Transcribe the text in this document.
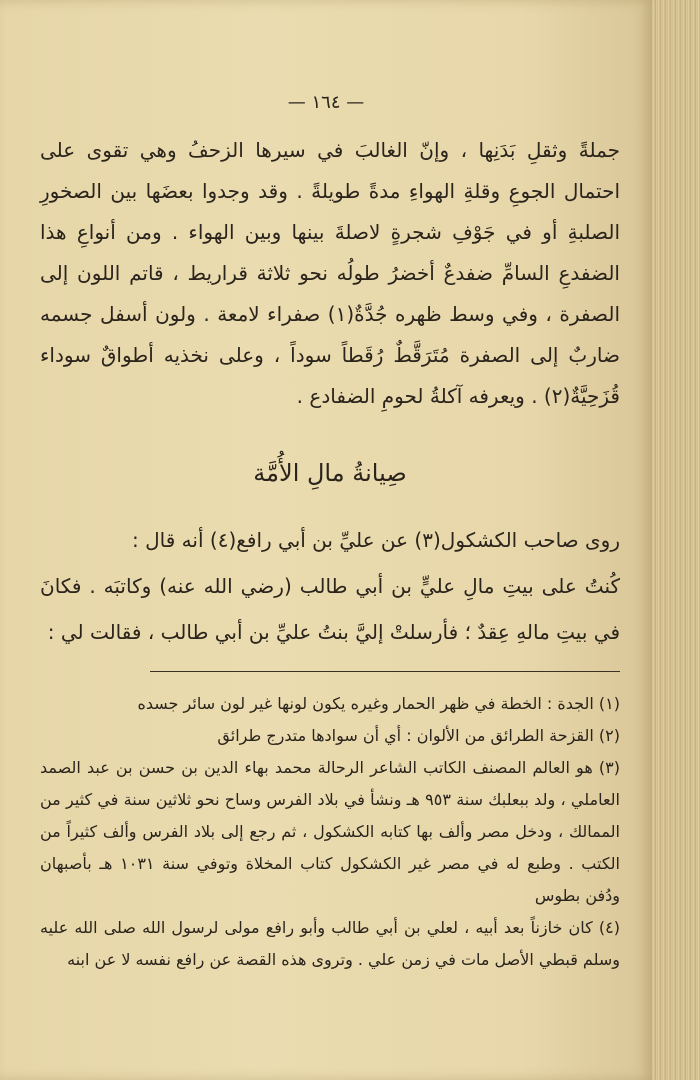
— ١٦٤ —

جملةً وثقلِ بَدَنِها ، وإنّ الغالبَ في سيرها الزحفُ وهي تقوى على احتمال الجوعِ وقلةِ الهواءِ مدةً طويلةً . وقد وجدوا بعضَها بين الصخورِ الصلبةِ أو في جَوْفِ شجرةٍ لاصلةَ بينها وبين الهواء . ومن أنواعِ هذا الضفدعِ السامِّ ضفدعٌ أخضرُ طولُه نحو ثلاثة قراريط ، قاتم اللون إلى الصفرة ، وفي وسط ظهره جُدَّةٌ(١) صفراء لامعة . ولون أسفل جسمه ضاربٌ إلى الصفرة مُتَرَقَّطٌ رُقَطاً سوداً ، وعلى نخذيه أطواقٌ سوداء قُزَحِيَّةٌ(٢) . ويعرفه آكلةُ لحومِ الضفادع .

صِيانةُ مالِ الأُمَّة

روى صاحب الكشكول(٣) عن عليِّ بن أبي رافع(٤) أنه قال :

كُنتُ على بيتِ مالِ عليٍّ بن أبي طالب (رضي الله عنه) وكاتبَه . فكانَ في بيتِ مالهِ عِقدٌ ؛ فأرسلتْ إليَّ بنتُ عليِّ بن أبي طالب ، فقالت لي :

(١) الجدة : الخطة في ظهر الحمار وغيره يكون لونها غير لون سائر جسده

(٢) القزحة الطرائق من الألوان : أي أن سوادها متدرج طرائق

(٣) هو العالم المصنف الكاتب الشاعر الرحالة محمد بهاء الدين بن حسن بن عبد الصمد العاملي ، ولد ببعلبك سنة ٩٥٣ هـ ونشأ في بلاد الفرس وساح نحو ثلاثين سنة في كثير من الممالك ، ودخل مصر وألف بها كتابه الكشكول ، ثم رجع إلى بلاد الفرس وألف كثيراً من الكتب . وطبع له في مصر غير الكشكول كتاب المخلاة وتوفي سنة ١٠٣١ هـ بأصبهان ودُفن بطوس

(٤) كان خازناً بعد أبيه ، لعلي بن أبي طالب وأبو رافع مولى لرسول الله صلى الله عليه وسلم قبطي الأصل مات في زمن علي . وتروى هذه القصة عن رافع نفسه لا عن ابنه
